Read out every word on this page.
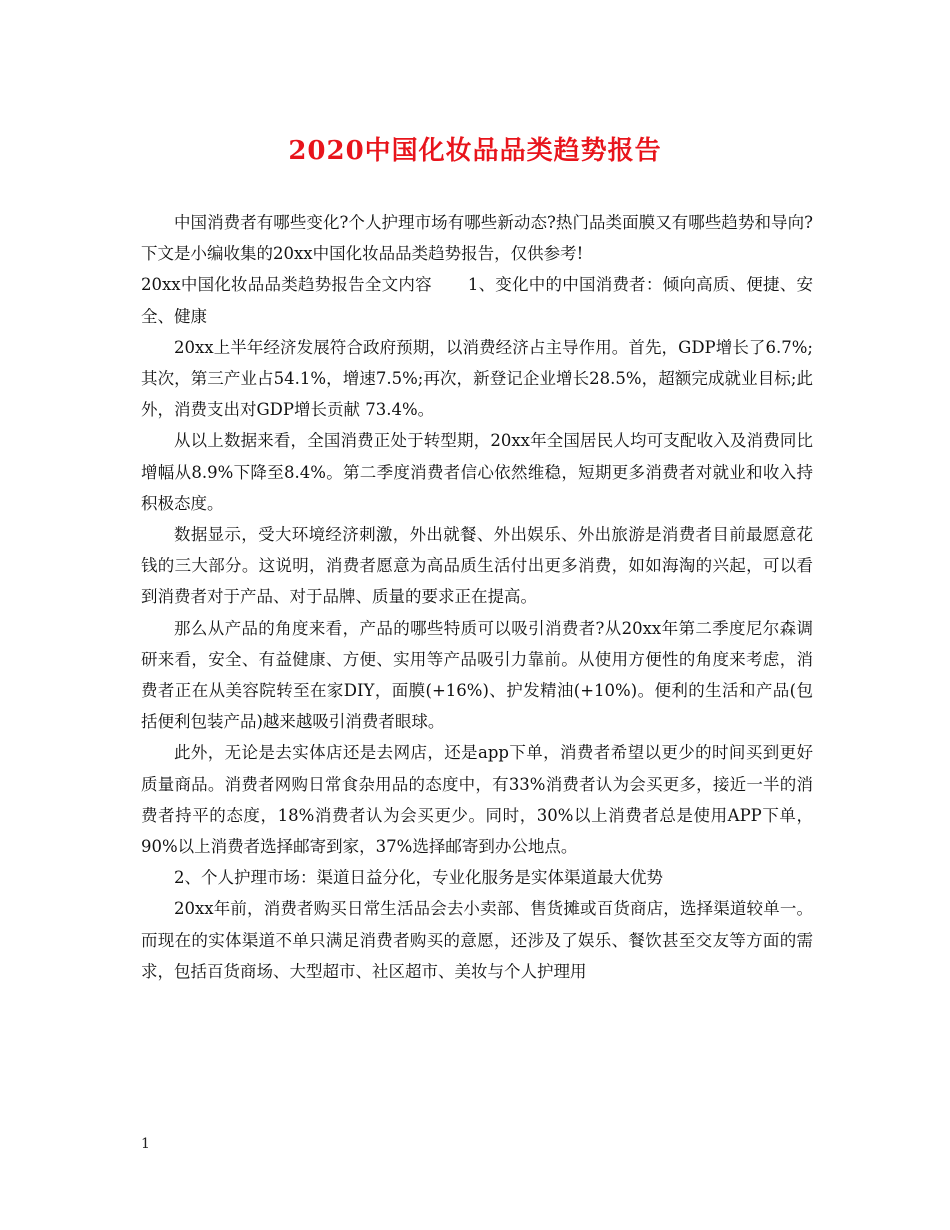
2020中国化妆品品类趋势报告

中国消费者有哪些变化?个人护理市场有哪些新动态?热门品类面膜又有哪些趋势和导向?下文是小编收集的20xx中国化妆品品类趋势报告，仅供参考!

20xx中国化妆品品类趋势报告全文内容 1、变化中的中国消费者：倾向高质、便捷、安全、健康

20xx上半年经济发展符合政府预期，以消费经济占主导作用。首先，GDP增长了6.7%;其次，第三产业占54.1%，增速7.5%;再次，新登记企业增长28.5%，超额完成就业目标;此外，消费支出对GDP增长贡献 73.4%。

从以上数据来看，全国消费正处于转型期，20xx年全国居民人均可支配收入及消费同比增幅从8.9%下降至8.4%。第二季度消费者信心依然维稳，短期更多消费者对就业和收入持积极态度。

数据显示，受大环境经济刺激，外出就餐、外出娱乐、外出旅游是消费者目前最愿意花钱的三大部分。这说明，消费者愿意为高品质生活付出更多消费，如如海淘的兴起，可以看到消费者对于产品、对于品牌、质量的要求正在提高。

那么从产品的角度来看，产品的哪些特质可以吸引消费者?从20xx年第二季度尼尔森调研来看，安全、有益健康、方便、实用等产品吸引力靠前。从使用方便性的角度来考虑，消费者正在从美容院转至在家DIY，面膜(+16%)、护发精油(+10%)。便利的生活和产品(包括便利包装产品)越来越吸引消费者眼球。

此外，无论是去实体店还是去网店，还是app下单，消费者希望以更少的时间买到更好质量商品。消费者网购日常食杂用品的态度中，有33%消费者认为会买更多，接近一半的消费者持平的态度，18%消费者认为会买更少。同时，30%以上消费者总是使用APP下单，90%以上消费者选择邮寄到家，37%选择邮寄到办公地点。

2、个人护理市场：渠道日益分化，专业化服务是实体渠道最大优势

20xx年前，消费者购买日常生活品会去小卖部、售货摊或百货商店，选择渠道较单一。而现在的实体渠道不单只满足消费者购买的意愿，还涉及了娱乐、餐饮甚至交友等方面的需求，包括百货商场、大型超市、社区超市、美妆与个人护理用

1
